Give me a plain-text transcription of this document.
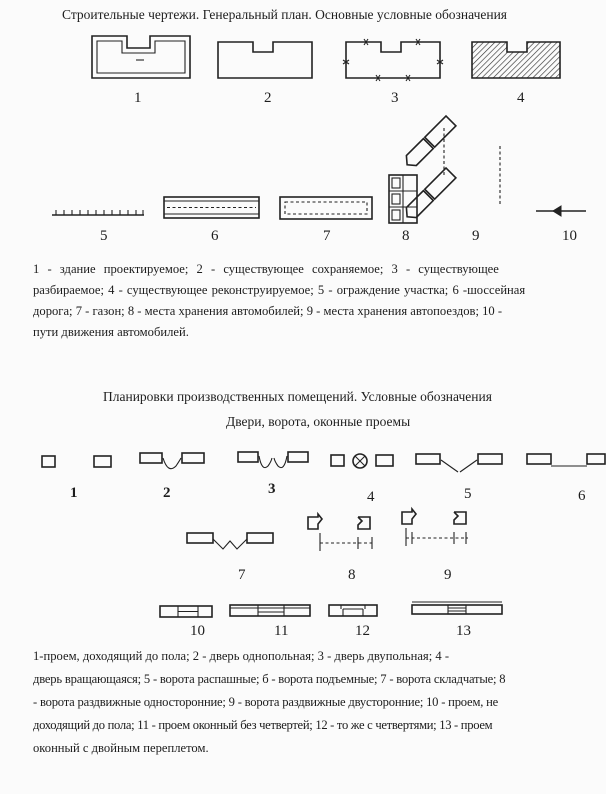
Строительные чертежи. Генеральный план. Основные условные обозначения
1	2	3	4
5	6	7	8	9	10
1 - здание проектируемое; 2 - существующее сохраняемое; 3 - существующее
разбираемое; 4 - существующее реконструируемое; 5 - ограждение участка; 6 -шоссейная
дорога; 7 - газон; 8 - места хранения автомобилей; 9 - места хранения автопоездов; 10 -
пути движения автомобилей.
Планировки производственных помещений. Условные обозначения
Двери, ворота, оконные проемы
1	2	3	4	5	6
7	8	9
10	11	12	13
1-проем, доходящий до пола; 2 - дверь однопольная; 3 - дверь двупольная; 4 -
дверь вращающаяся; 5 - ворота распашные; б - ворота подъемные; 7 - ворота складчатые; 8
- ворота раздвижные односторонние; 9 - ворота раздвижные двусторонние; 10 - проем, не
доходящий до пола; 11 - проем оконный без четвертей; 12 - то же с четвертями; 13 - проем
оконный с двойным переплетом.
